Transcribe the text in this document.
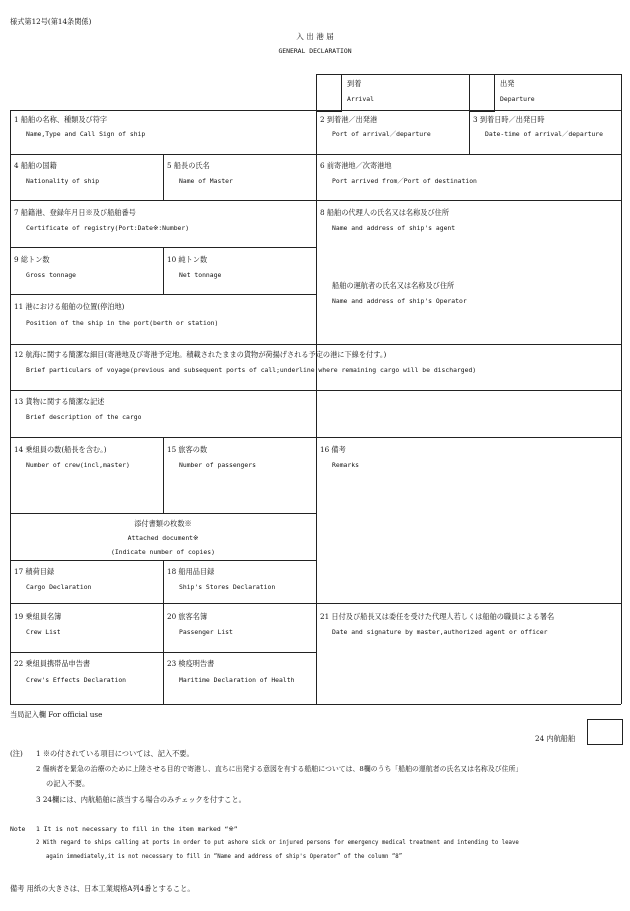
様式第12号(第14条関係)
入 出 港 届
GENERAL DECLARATION
到着
Arrival
出発
Departure
1 船舶の名称、種類及び符字
Name,Type and Call Sign of ship
2 到着港／出発港
Port of arrival／departure
3 到着日時／出発日時
Date-time of arrival／departure
4 船舶の国籍
Nationality of ship
5 船長の氏名
Name of Master
6 前寄港地／次寄港地
Port arrived from／Port of destination
7 船籍港、登録年月日※及び船舶番号
Certificate of registry(Port:Date※:Number)
8 船舶の代理人の氏名又は名称及び住所
Name and address of ship's agent
船舶の運航者の氏名又は名称及び住所
Name and address of ship's Operator
9 総トン数
Gross tonnage
10 純トン数
Net tonnage
11 港における船舶の位置(停泊地)
Position of the ship in the port(berth or station)
12 航海に関する簡潔な細目(寄港地及び寄港予定地。積載されたままの貨物が荷揚げされる予定の港に下線を付す。)
Brief particulars of voyage(previous and subsequent ports of call;underline where remaining cargo will be discharged)
13 貨物に関する簡潔な記述
Brief description of the cargo
14 乗組員の数(船長を含む。)
Number of crew(incl,master)
15 旅客の数
Number of passengers
16 備考
Remarks
添付書類の枚数※
Attached document※
(Indicate number of copies)
17 積荷目録
Cargo Declaration
18 船用品目録
Ship's Stores Declaration
19 乗組員名簿
Crew List
20 旅客名簿
Passenger List
21 日付及び船長又は委任を受けた代理人若しくは船舶の職員による署名
Date and signature by master,authorized agent or officer
22 乗組員携帯品申告書
Crew's Effects Declaration
23 検疫明告書
Maritime Declaration of Health
当局記入欄 For official use
24 内航船舶
(注) 1 ※の付されている項目については、記入不要。
2 傷病者を緊急の治療のために上陸させる目的で寄港し、直ちに出発する意図を有する船舶については、8欄のうち「船舶の運航者の氏名又は名称及び住所」
の記入不要。
3 24欄には、内航船舶に該当する場合のみチェックを付すこと。
Note 1 It is not necessary to fill in the item marked “※”
2 With regard to ships calling at ports in order to put ashore sick or injured persons for emergency medical treatment and intending to leave
again immediately,it is not necessary to fill in “Name and address of ship's Operator” of the column “8”
備考 用紙の大きさは、日本工業規格A列4番とすること。
